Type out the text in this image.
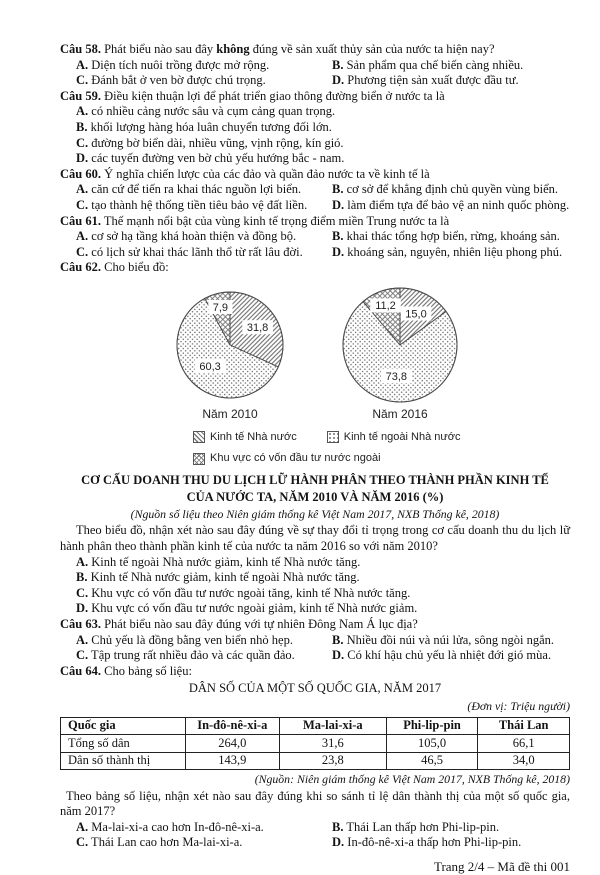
Câu 58. Phát biểu nào sau đây không đúng về sản xuất thủy sản của nước ta hiện nay?

A. Diện tích nuôi trồng được mở rộng.	B. Sản phẩm qua chế biến càng nhiều.
C. Đánh bắt ở ven bờ được chú trọng.	D. Phương tiện sản xuất được đầu tư.

Câu 59. Điều kiện thuận lợi để phát triển giao thông đường biển ở nước ta là

A. có nhiều cảng nước sâu và cụm cảng quan trọng.
B. khối lượng hàng hóa luân chuyển tương đối lớn.
C. đường bờ biển dài, nhiều vũng, vịnh rộng, kín gió.
D. các tuyến đường ven bờ chủ yếu hướng bắc - nam.

Câu 60. Ý nghĩa chiến lược của các đảo và quần đảo nước ta về kinh tế là

A. căn cứ để tiến ra khai thác nguồn lợi biển.	B. cơ sở để khẳng định chủ quyền vùng biển.
C. tạo thành hệ thống tiền tiêu bảo vệ đất liền.	D. làm điểm tựa để bảo vệ an ninh quốc phòng.

Câu 61. Thế mạnh nổi bật của vùng kinh tế trọng điểm miền Trung nước ta là

A. cơ sở hạ tầng khá hoàn thiện và đồng bộ.	B. khai thác tổng hợp biển, rừng, khoáng sản.
C. có lịch sử khai thác lãnh thổ từ rất lâu đời.	D. khoáng sản, nguyên, nhiên liệu phong phú.

Câu 62. Cho biểu đồ:

31,8
60,3
7,9
Năm 2010
15,0
73,8
11,2
Năm 2016
Kinh tế Nhà nước	Kinh tế ngoài Nhà nước
Khu vực có vốn đầu tư nước ngoài
CƠ CẤU DOANH THU DU LỊCH LỮ HÀNH PHÂN THEO THÀNH PHẦN KINH TẾ
CỦA NƯỚC TA, NĂM 2010 VÀ NĂM 2016 (%)
(Nguồn số liệu theo Niên giám thống kê Việt Nam 2017, NXB Thống kê, 2018)

Theo biểu đồ, nhận xét nào sau đây đúng về sự thay đổi tỉ trọng trong cơ cấu doanh thu du lịch lữ hành phân theo thành phần kinh tế của nước ta năm 2016 so với năm 2010?

A. Kinh tế ngoài Nhà nước giảm, kinh tế Nhà nước tăng.
B. Kinh tế Nhà nước giảm, kinh tế ngoài Nhà nước tăng.
C. Khu vực có vốn đầu tư nước ngoài tăng, kinh tế Nhà nước tăng.
D. Khu vực có vốn đầu tư nước ngoài giảm, kinh tế Nhà nước giảm.

Câu 63. Phát biểu nào sau đây đúng với tự nhiên Đông Nam Á lục địa?

A. Chủ yếu là đồng bằng ven biển nhỏ hẹp.	B. Nhiều đồi núi và núi lửa, sông ngòi ngắn.
C. Tập trung rất nhiều đảo và các quần đảo.	D. Có khí hậu chủ yếu là nhiệt đới gió mùa.

Câu 64. Cho bảng số liệu:

DÂN SỐ CỦA MỘT SỐ QUỐC GIA, NĂM 2017
(Đơn vị: Triệu người)
Quốc gia	In-đô-nê-xi-a	Ma-lai-xi-a	Phi-lip-pin	Thái Lan
Tổng số dân	264,0	31,6	105,0	66,1
Dân số thành thị	143,9	23,8	46,5	34,0
(Nguồn: Niên giám thống kê Việt Nam 2017, NXB Thống kê, 2018)

Theo bảng số liệu, nhận xét nào sau đây đúng khi so sánh tỉ lệ dân thành thị của một số quốc gia, năm 2017?

A. Ma-lai-xi-a cao hơn In-đô-nê-xi-a.	B. Thái Lan thấp hơn Phi-lip-pin.
C. Thái Lan cao hơn Ma-lai-xi-a.	D. In-đô-nê-xi-a thấp hơn Phi-lip-pin.
Trang 2/4 – Mã đề thi 001
